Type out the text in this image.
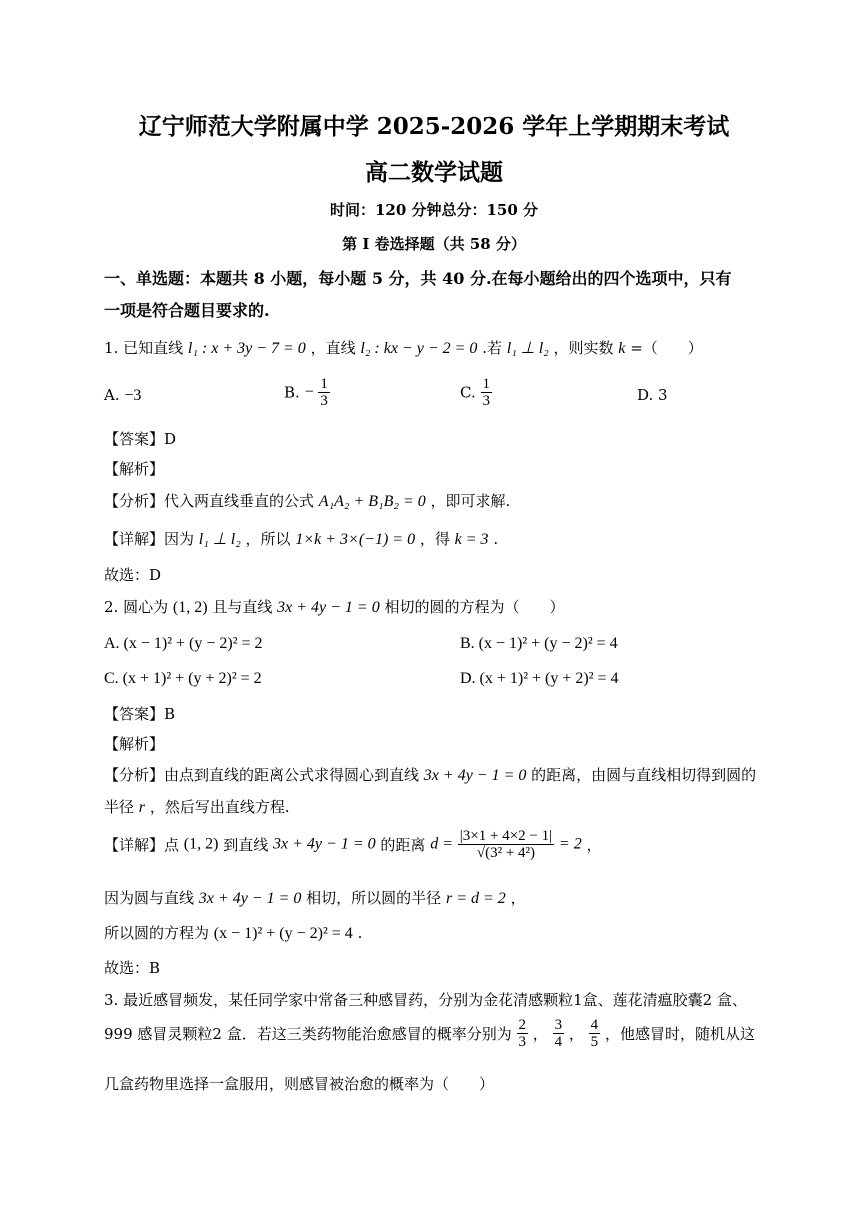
辽宁师范大学附属中学 2025-2026 学年上学期期末考试
高二数学试题
时间：120 分钟总分：150 分
第 I 卷选择题（共 58 分）
一、单选题：本题共 8 小题，每小题 5 分，共 40 分.在每小题给出的四个选项中，只有
一项是符合题目要求的.
1. 已知直线 l₁ : x + 3y − 7 = 0 ，直线 l₂ : kx − y − 2 = 0 .若 l₁ ⊥ l₂ ，则实数 k =（　　）
A. −3	B. − $\frac{1}{3}$	C. $\frac{1}{3}$	D. 3
【答案】D
【解析】
【分析】代入两直线垂直的公式 A₁A₂ + B₁B₂ = 0 ，即可求解.
【详解】因为 l₁ ⊥ l₂ ，所以 1×k + 3×(−1) = 0 ，得 k = 3 .
故选：D
2. 圆心为 (1, 2) 且与直线 3x + 4y − 1 = 0 相切的圆的方程为（　　）
A. (x − 1)² + (y − 2)² = 2	B. (x − 1)² + (y − 2)² = 4
C. (x + 1)² + (y + 2)² = 2	D. (x + 1)² + (y + 2)² = 4
【答案】B
【解析】
【分析】由点到直线的距离公式求得圆心到直线 3x + 4y − 1 = 0 的距离，由圆与直线相切得到圆的
半径 r ，然后写出直线方程.
【详解】点 (1, 2) 到直线 3x + 4y − 1 = 0 的距离 $d = \frac{|3\times 1 + 4\times 2 - 1|}{\text{√(3² + 4²)}} = 2$ ，
因为圆与直线 3x + 4y − 1 = 0 相切，所以圆的半径 r = d = 2 ，
所以圆的方程为 (x − 1)² + (y − 2)² = 4 .
故选：B
3. 最近感冒频发，某任同学家中常备三种感冒药，分别为金花清感颗粒1盒、莲花清瘟胶囊2 盒、
999 感冒灵颗粒2 盒．若这三类药物能治愈感冒的概率分别为 $\frac{2}{3}$ ， $\frac{3}{4}$ ， $\frac{4}{5}$ ，他感冒时，随机从这
几盒药物里选择一盒服用，则感冒被治愈的概率为（　　）
